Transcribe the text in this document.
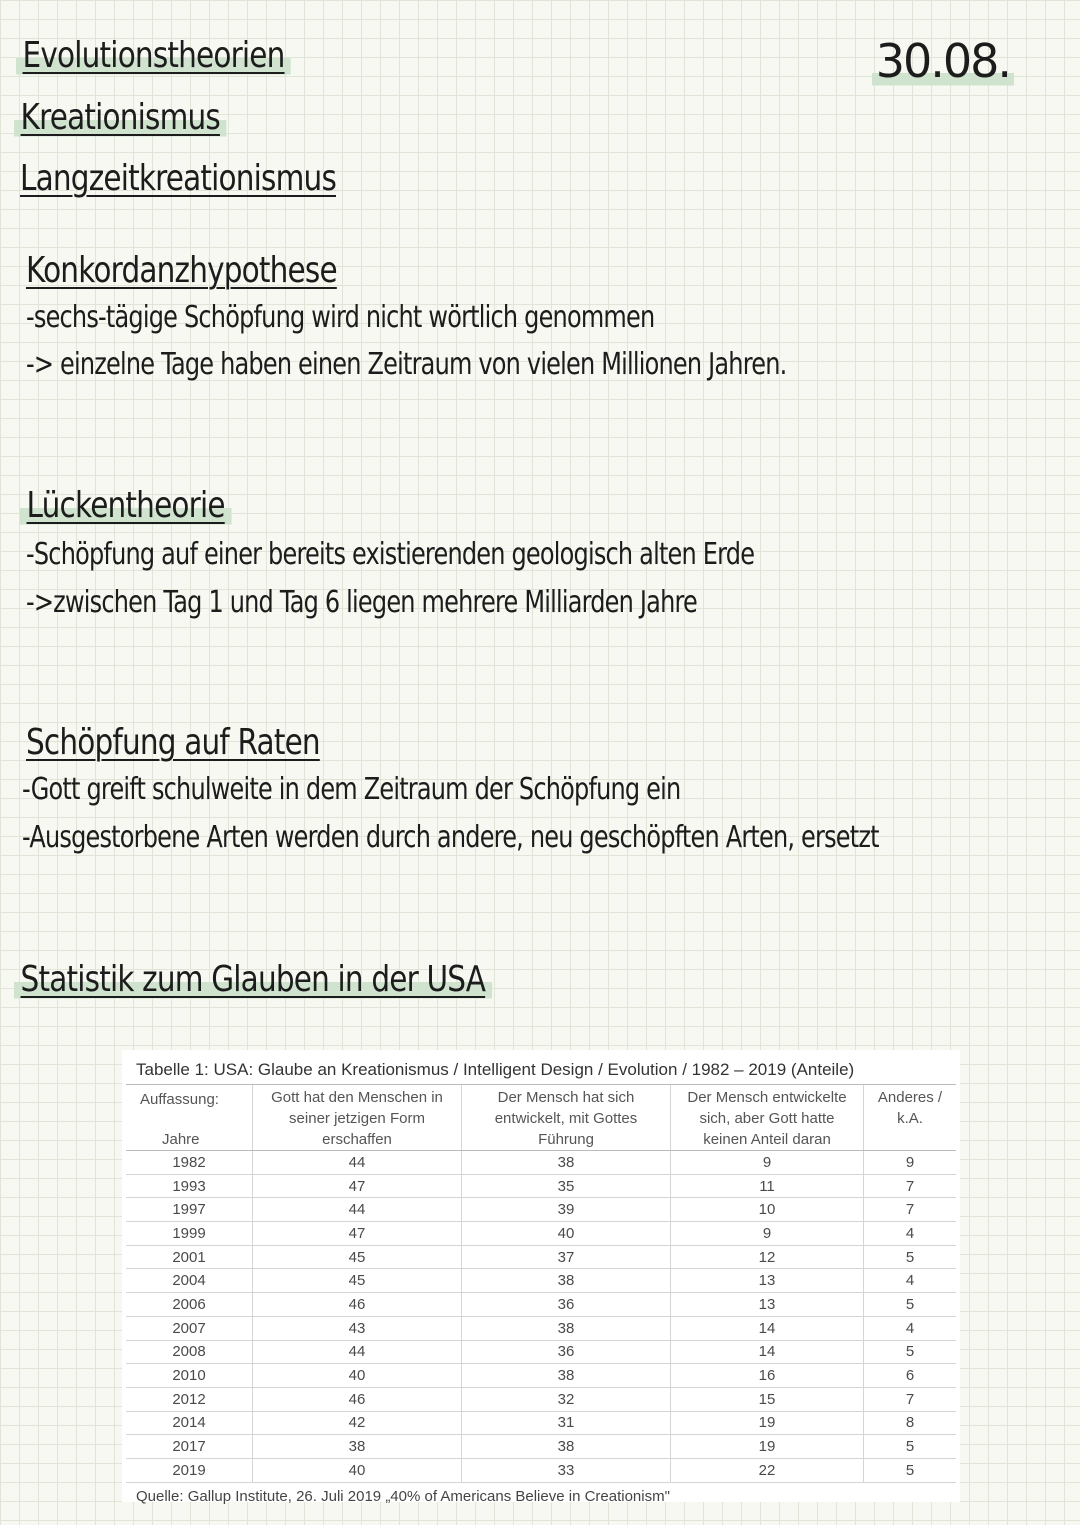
Evolutionstheorien
Kreationismus
Langzeitkreationismus
30.08.
Konkordanzhypothese

-sechs-tägige Schöpfung wird nicht wörtlich genommen

-> einzelne Tage haben einen Zeitraum von vielen Millionen Jahren.

Lückentheorie

-Schöpfung auf einer bereits existierenden geologisch alten Erde

->zwischen Tag 1 und Tag 6 liegen mehrere Milliarden Jahre

Schöpfung auf Raten

-Gott greift schulweite in dem Zeitraum der Schöpfung ein

-Ausgestorbene Arten werden durch andere, neu geschöpften Arten, ersetzt

Statistik zum Glauben in der USA
Tabelle 1: USA: Glaube an Kreationismus / Intelligent Design / Evolution / 1982 – 2019 (Anteile)
Auffassung:
Jahre	Gott hat den Menschen in seiner jetzigen Form erschaffen	Der Mensch hat sich entwickelt, mit Gottes Führung	Der Mensch entwickelte sich, aber Gott hatte keinen Anteil daran	Anderes / k.A.
1982	44	38	9	9
1993	47	35	11	7
1997	44	39	10	7
1999	47	40	9	4
2001	45	37	12	5
2004	45	38	13	4
2006	46	36	13	5
2007	43	38	14	4
2008	44	36	14	5
2010	40	38	16	6
2012	46	32	15	7
2014	42	31	19	8
2017	38	38	19	5
2019	40	33	22	5
Quelle: Gallup Institute, 26. Juli 2019 „40% of Americans Believe in Creationism"
